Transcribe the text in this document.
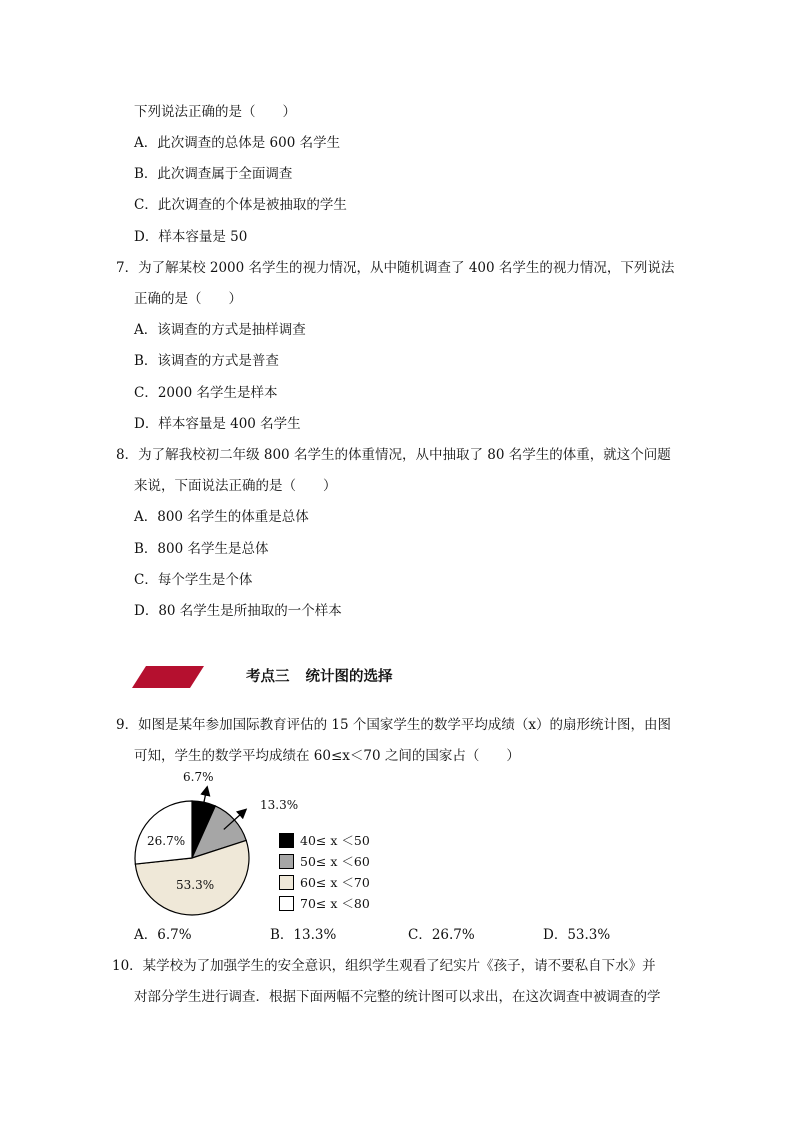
下列说法正确的是（　　）
A．此次调查的总体是 600 名学生
B．此次调查属于全面调查
C．此次调查的个体是被抽取的学生
D．样本容量是 50
7．为了解某校 2000 名学生的视力情况，从中随机调查了 400 名学生的视力情况，下列说法
正确的是（　　）
A．该调查的方式是抽样调查
B．该调查的方式是普查
C．2000 名学生是样本
D．样本容量是 400 名学生
8．为了解我校初二年级 800 名学生的体重情况，从中抽取了 80 名学生的体重，就这个问题
来说，下面说法正确的是（　　）
A．800 名学生的体重是总体
B．800 名学生是总体
C．每个学生是个体
D．80 名学生是所抽取的一个样本
考点三 统计图的选择
9．如图是某年参加国际教育评估的 15 个国家学生的数学平均成绩（x）的扇形统计图，由图
可知，学生的数学平均成绩在 60≤x＜70 之间的国家占（　　）
6.7%
13.3%
53.3%
26.7%	40≤ x ＜50
50≤ x ＜60
60≤ x ＜70
70≤ x ＜80
A．6.7%	B．13.3%	C．26.7%	D．53.3%
10．某学校为了加强学生的安全意识，组织学生观看了纪实片《孩子，请不要私自下水》并
对部分学生进行调查．根据下面两幅不完整的统计图可以求出，在这次调查中被调查的学
